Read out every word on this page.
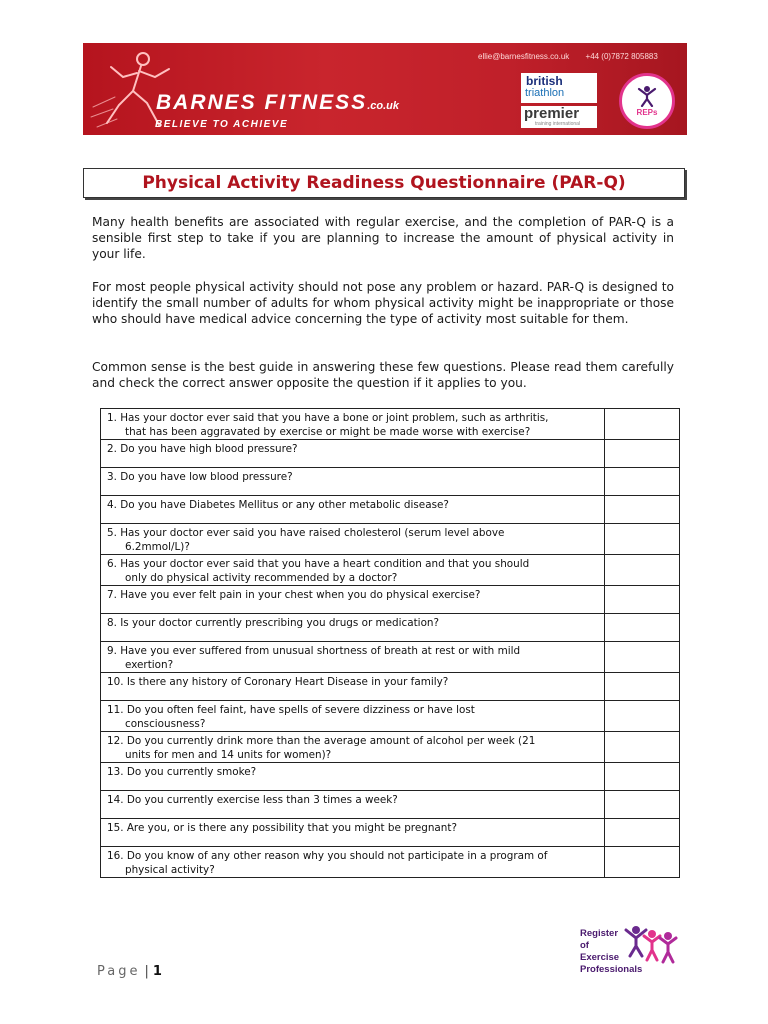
ellie@barnesfitness.co.uk +44 (0)7872 805883
BARNES FITNESS.co.uk
BELIEVE TO ACHIEVE
british
triathlon
premier
training international
REPs
Physical Activity Readiness Questionnaire (PAR-Q)

Many health benefits are associated with regular exercise, and the completion of PAR-Q is a sensible first step to take if you are planning to increase the amount of physical activity in your life.

For most people physical activity should not pose any problem or hazard. PAR-Q is designed to identify the small number of adults for whom physical activity might be inappropriate or those who should have medical advice concerning the type of activity most suitable for them.

Common sense is the best guide in answering these few questions. Please read them carefully and check the correct answer opposite the question if it applies to you.

1. Has your doctor ever said that you have a bone or joint problem, such as arthritis,
that has been aggravated by exercise or might be made worse with exercise?	

2. Do you have high blood pressure?	

3. Do you have low blood pressure?	

4. Do you have Diabetes Mellitus or any other metabolic disease?	

5. Has your doctor ever said you have raised cholesterol (serum level above
6.2mmol/L)?	

6. Has your doctor ever said that you have a heart condition and that you should
only do physical activity recommended by a doctor?	

7. Have you ever felt pain in your chest when you do physical exercise?	

8. Is your doctor currently prescribing you drugs or medication?	

9. Have you ever suffered from unusual shortness of breath at rest or with mild
exertion?	

10. Is there any history of Coronary Heart Disease in your family?	

11. Do you often feel faint, have spells of severe dizziness or have lost
consciousness?	

12. Do you currently drink more than the average amount of alcohol per week (21
units for men and 14 units for women)?	

13. Do you currently smoke?	

14. Do you currently exercise less than 3 times a week?	

15. Are you, or is there any possibility that you might be pregnant?	

16. Do you know of any other reason why you should not participate in a program of
physical activity?	

Page | 1
Register
of
Exercise
Professionals
